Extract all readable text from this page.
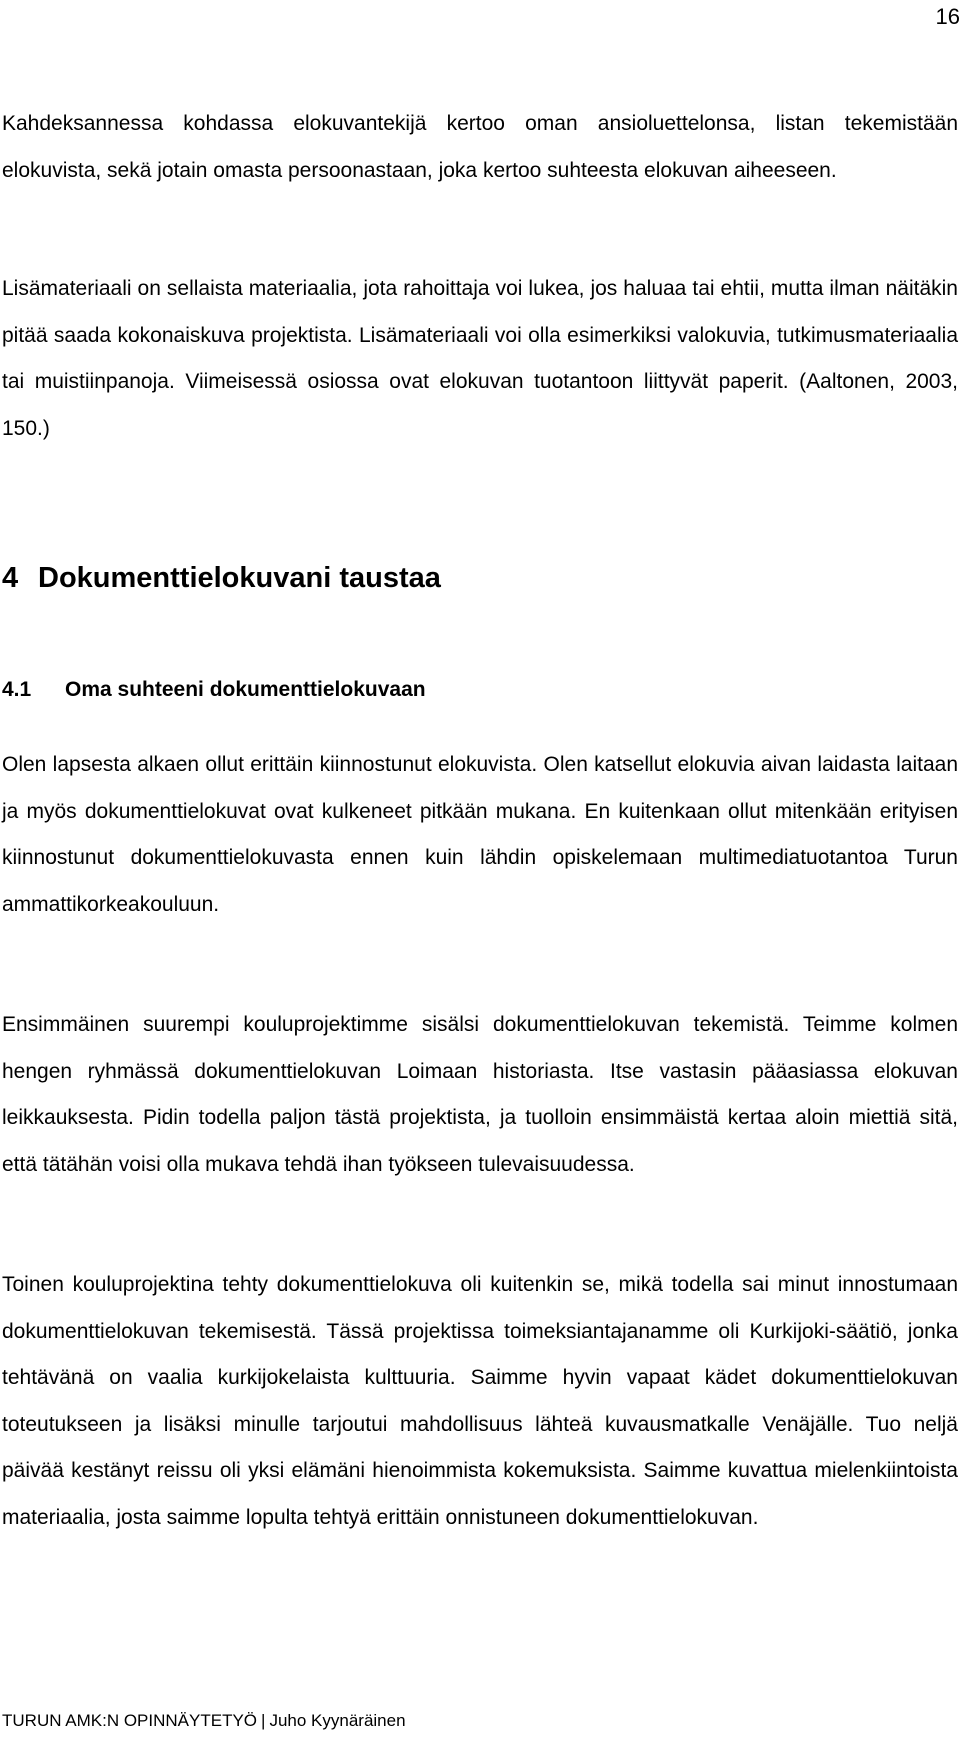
16

Kahdeksannessa kohdassa elokuvantekijä kertoo oman ansioluettelonsa, listan tekemistään elokuvista, sekä jotain omasta persoonastaan, joka kertoo suhteesta elokuvan aiheeseen.

Lisämateriaali on sellaista materiaalia, jota rahoittaja voi lukea, jos haluaa tai ehtii, mutta ilman näitäkin pitää saada kokonaiskuva projektista. Lisämateriaali voi olla esimerkiksi valokuvia, tutkimusmateriaalia tai muistiinpanoja. Viimeisessä osiossa ovat elokuvan tuotantoon liittyvät paperit. (Aaltonen, 2003, 150.)

4 Dokumenttielokuvani taustaa
4.1 Oma suhteeni dokumenttielokuvaan

Olen lapsesta alkaen ollut erittäin kiinnostunut elokuvista. Olen katsellut elokuvia aivan laidasta laitaan ja myös dokumenttielokuvat ovat kulkeneet pitkään mukana. En kuitenkaan ollut mitenkään erityisen kiinnostunut dokumenttielokuvasta ennen kuin lähdin opiskelemaan multimediatuotantoa Turun ammattikorkeakouluun.

Ensimmäinen suurempi kouluprojektimme sisälsi dokumenttielokuvan tekemistä. Teimme kolmen hengen ryhmässä dokumenttielokuvan Loimaan historiasta. Itse vastasin pääasiassa elokuvan leikkauksesta. Pidin todella paljon tästä projektista, ja tuolloin ensimmäistä kertaa aloin miettiä sitä, että tätähän voisi olla mukava tehdä ihan työkseen tulevaisuudessa.

Toinen kouluprojektina tehty dokumenttielokuva oli kuitenkin se, mikä todella sai minut innostumaan dokumenttielokuvan tekemisestä. Tässä projektissa toimeksiantajanamme oli Kurkijoki-säätiö, jonka tehtävänä on vaalia kurkijokelaista kulttuuria. Saimme hyvin vapaat kädet dokumenttielokuvan toteutukseen ja lisäksi minulle tarjoutui mahdollisuus lähteä kuvausmatkalle Venäjälle. Tuo neljä päivää kestänyt reissu oli yksi elämäni hienoimmista kokemuksista. Saimme kuvattua mielenkiintoista materiaalia, josta saimme lopulta tehtyä erittäin onnistuneen dokumenttielokuvan.

TURUN AMK:N OPINNÄYTETYÖ | Juho Kyynäräinen
